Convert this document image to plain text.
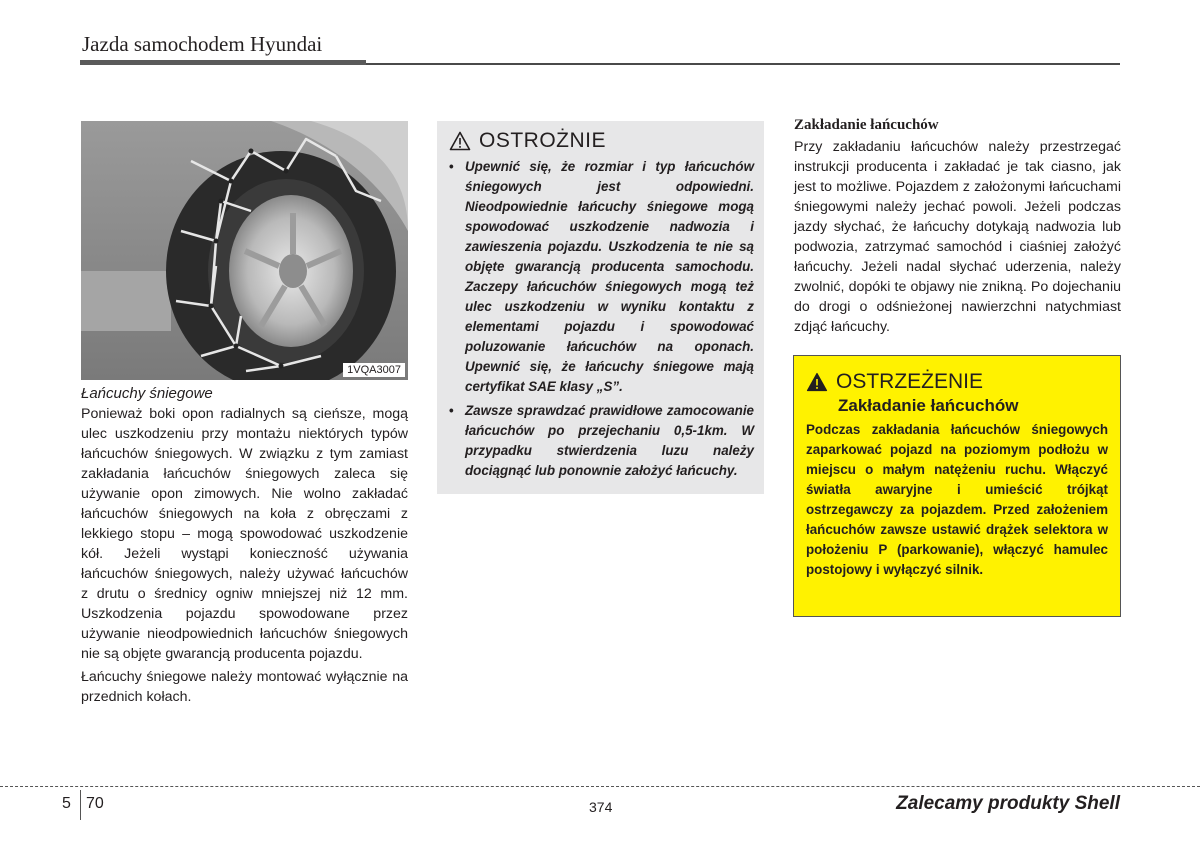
Jazda samochodem Hyundai
1VQA3007
Łańcuchy śniegowe

Ponieważ boki opon radialnych są cieńsze, mogą ulec uszkodzeniu przy montażu niektórych typów łańcuchów śniegowych. W związku z tym zamiast zakładania łańcuchów śniegowych zaleca się używanie opon zimowych. Nie wolno zakładać łańcuchów śniegowych na koła z obręczami z lekkiego stopu – mogą spowodować uszkodzenie kół. Jeżeli wystąpi konieczność używania łańcuchów śniegowych, należy używać łańcuchów z drutu o średnicy ogniw mniejszej niż 12 mm. Uszkodzenia pojazdu spowodowane przez używanie nieodpowiednich łańcuchów śniegowych nie są objęte gwarancją producenta pojazdu.

Łańcuchy śniegowe należy montować wyłącznie na przednich kołach.

OSTROŻNIE
• Upewnić się, że rozmiar i typ łańcuchów śniegowych jest odpowiedni. Nieodpowiednie łańcuchy śniegowe mogą spowodować uszkodzenie nadwozia i zawieszenia pojazdu. Uszkodzenia te nie są objęte gwarancją producenta samochodu. Zaczepy łańcuchów śniegowych mogą też ulec uszkodzeniu w wyniku kontaktu z elementami pojazdu i spowodować poluzowanie łańcuchów na oponach. Upewnić się, że łańcuchy śniegowe mają certyfikat SAE klasy „S”.
• Zawsze sprawdzać prawidłowe zamocowanie łańcuchów po przejechaniu 0,5-1km. W przypadku stwierdzenia luzu należy dociągnąć lub ponownie założyć łańcuchy.
Zakładanie łańcuchów

Przy zakładaniu łańcuchów należy przestrzegać instrukcji producenta i zakładać je tak ciasno, jak jest to możliwe. Pojazdem z założonymi łańcuchami śniegowymi należy jechać powoli. Jeżeli podczas jazdy słychać, że łańcuchy dotykają nadwozia lub podwozia, zatrzymać samochód i ciaśniej założyć łańcuchy. Jeżeli nadal słychać uderzenia, należy zwolnić, dopóki te objawy nie znikną. Po dojechaniu do drogi o odśnieżonej nawierzchni natychmiast zdjąć łańcuchy.

OSTRZEŻENIE
Zakładanie łańcuchów

Podczas zakładania łańcuchów śniegowych zaparkować pojazd na poziomym podłożu w miejscu o małym natężeniu ruchu. Włączyć światła awaryjne i umieścić trójkąt ostrzegawczy za pojazdem. Przed założeniem łańcuchów zawsze ustawić drążek selektora w położeniu P (parkowanie), włączyć hamulec postojowy i wyłączyć silnik.

5 70	374	Zalecamy produkty Shell
